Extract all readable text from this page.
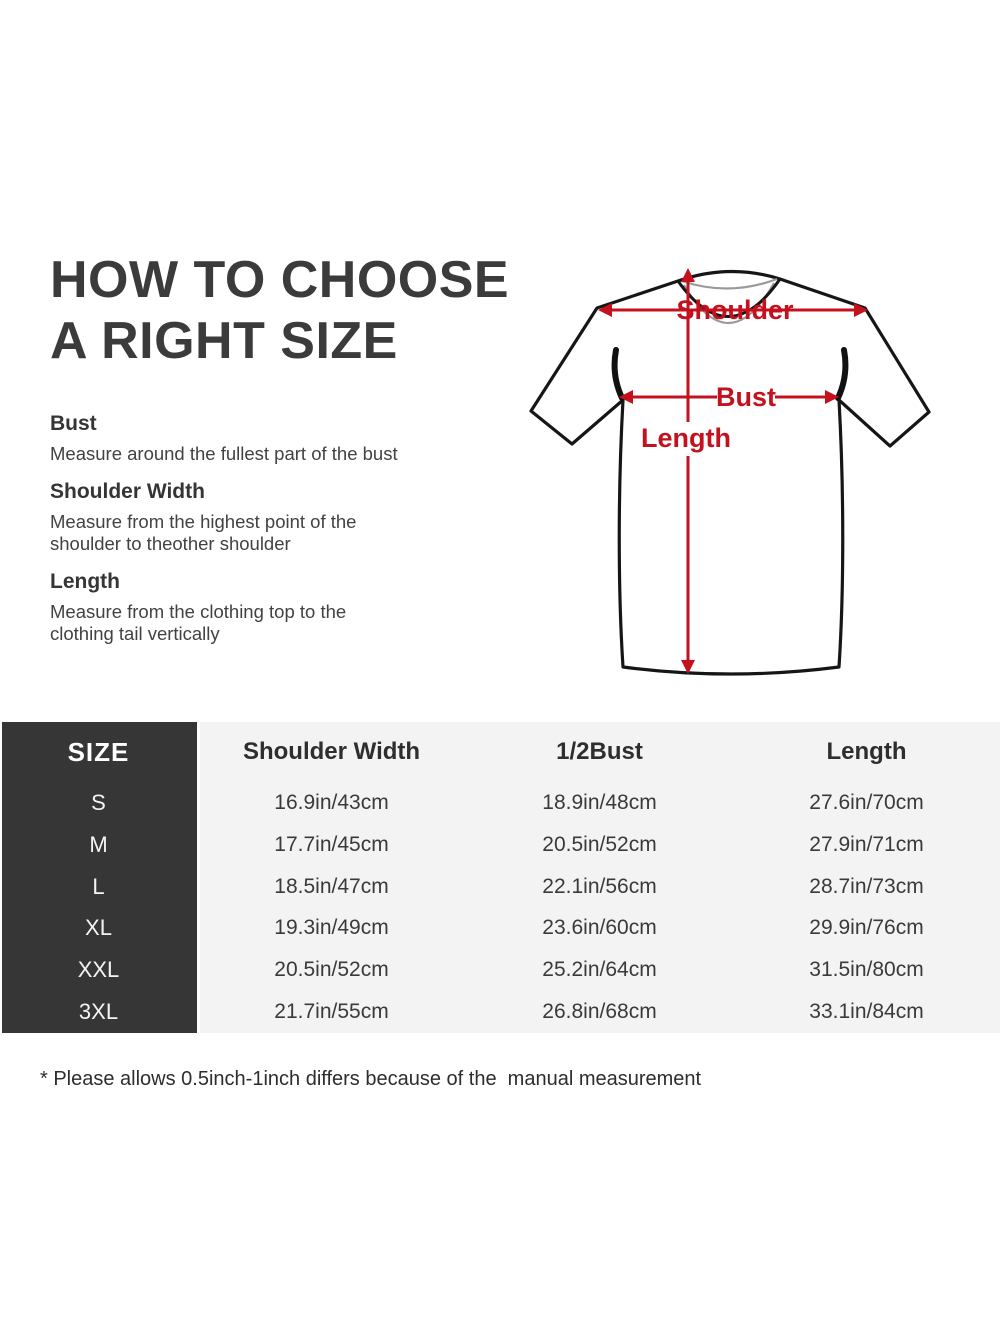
HOW TO CHOOSE
A RIGHT SIZE
Bust
Measure around the fullest part of the bust
Shoulder Width
Measure from the highest point of the
shoulder to theother shoulder
Length
Measure from the clothing top to the
clothing tail vertically
Shoulder
Bust
Length
SIZE	Shoulder Width	1/2Bust	Length
S	16.9in/43cm	18.9in/48cm	27.6in/70cm
M	17.7in/45cm	20.5in/52cm	27.9in/71cm
L	18.5in/47cm	22.1in/56cm	28.7in/73cm
XL	19.3in/49cm	23.6in/60cm	29.9in/76cm
XXL	20.5in/52cm	25.2in/64cm	31.5in/80cm
3XL	21.7in/55cm	26.8in/68cm	33.1in/84cm
* Please allows 0.5inch-1inch differs because of the  manual measurement
